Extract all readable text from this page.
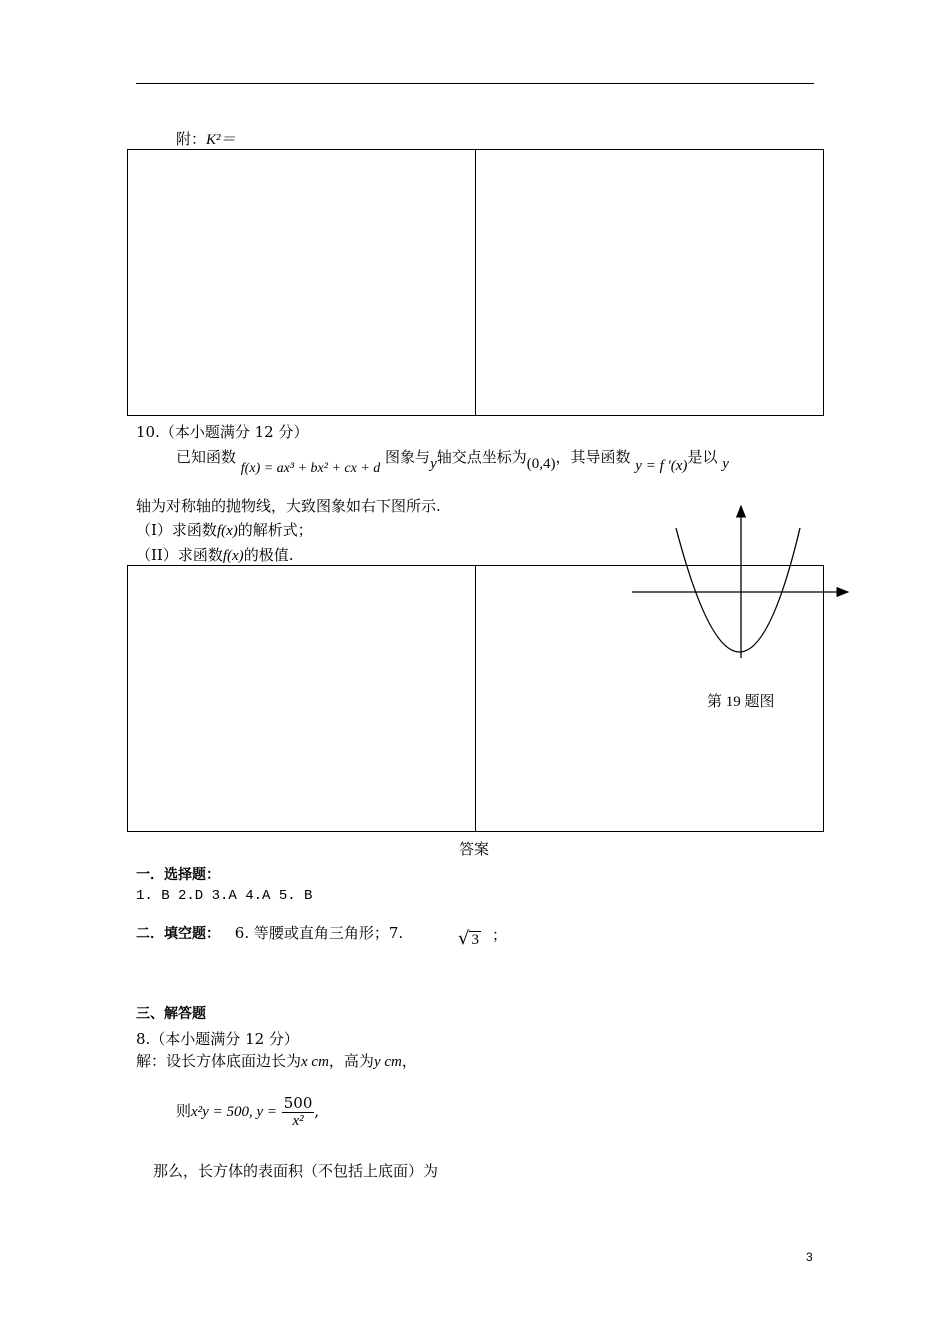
附：K²＝
10.（本小题满分 12 分）
已知函数 f(x) = ax³ + bx² + cx + d 图象与y轴交点坐标为(0,4)，其导函数 y = f ′(x)是以 y
轴为对称轴的抛物线，大致图象如右下图所示.
（I）求函数f(x)的解析式；
（II）求函数f(x)的极值.
第 19 题图
答案
一．选择题：
1. B 2.D 3.A 4.A 5. B
二．填空题： 6. 等腰或直角三角形；7.	√ 3 ；
三、解答题
8.（本小题满分 12 分）
解：设长方体底面边长为x cm，高为y cm，
则x²y = 500, $y = \frac{500}{\text{x²}}$ ,
那么，长方体的表面积（不包括上底面）为
3
